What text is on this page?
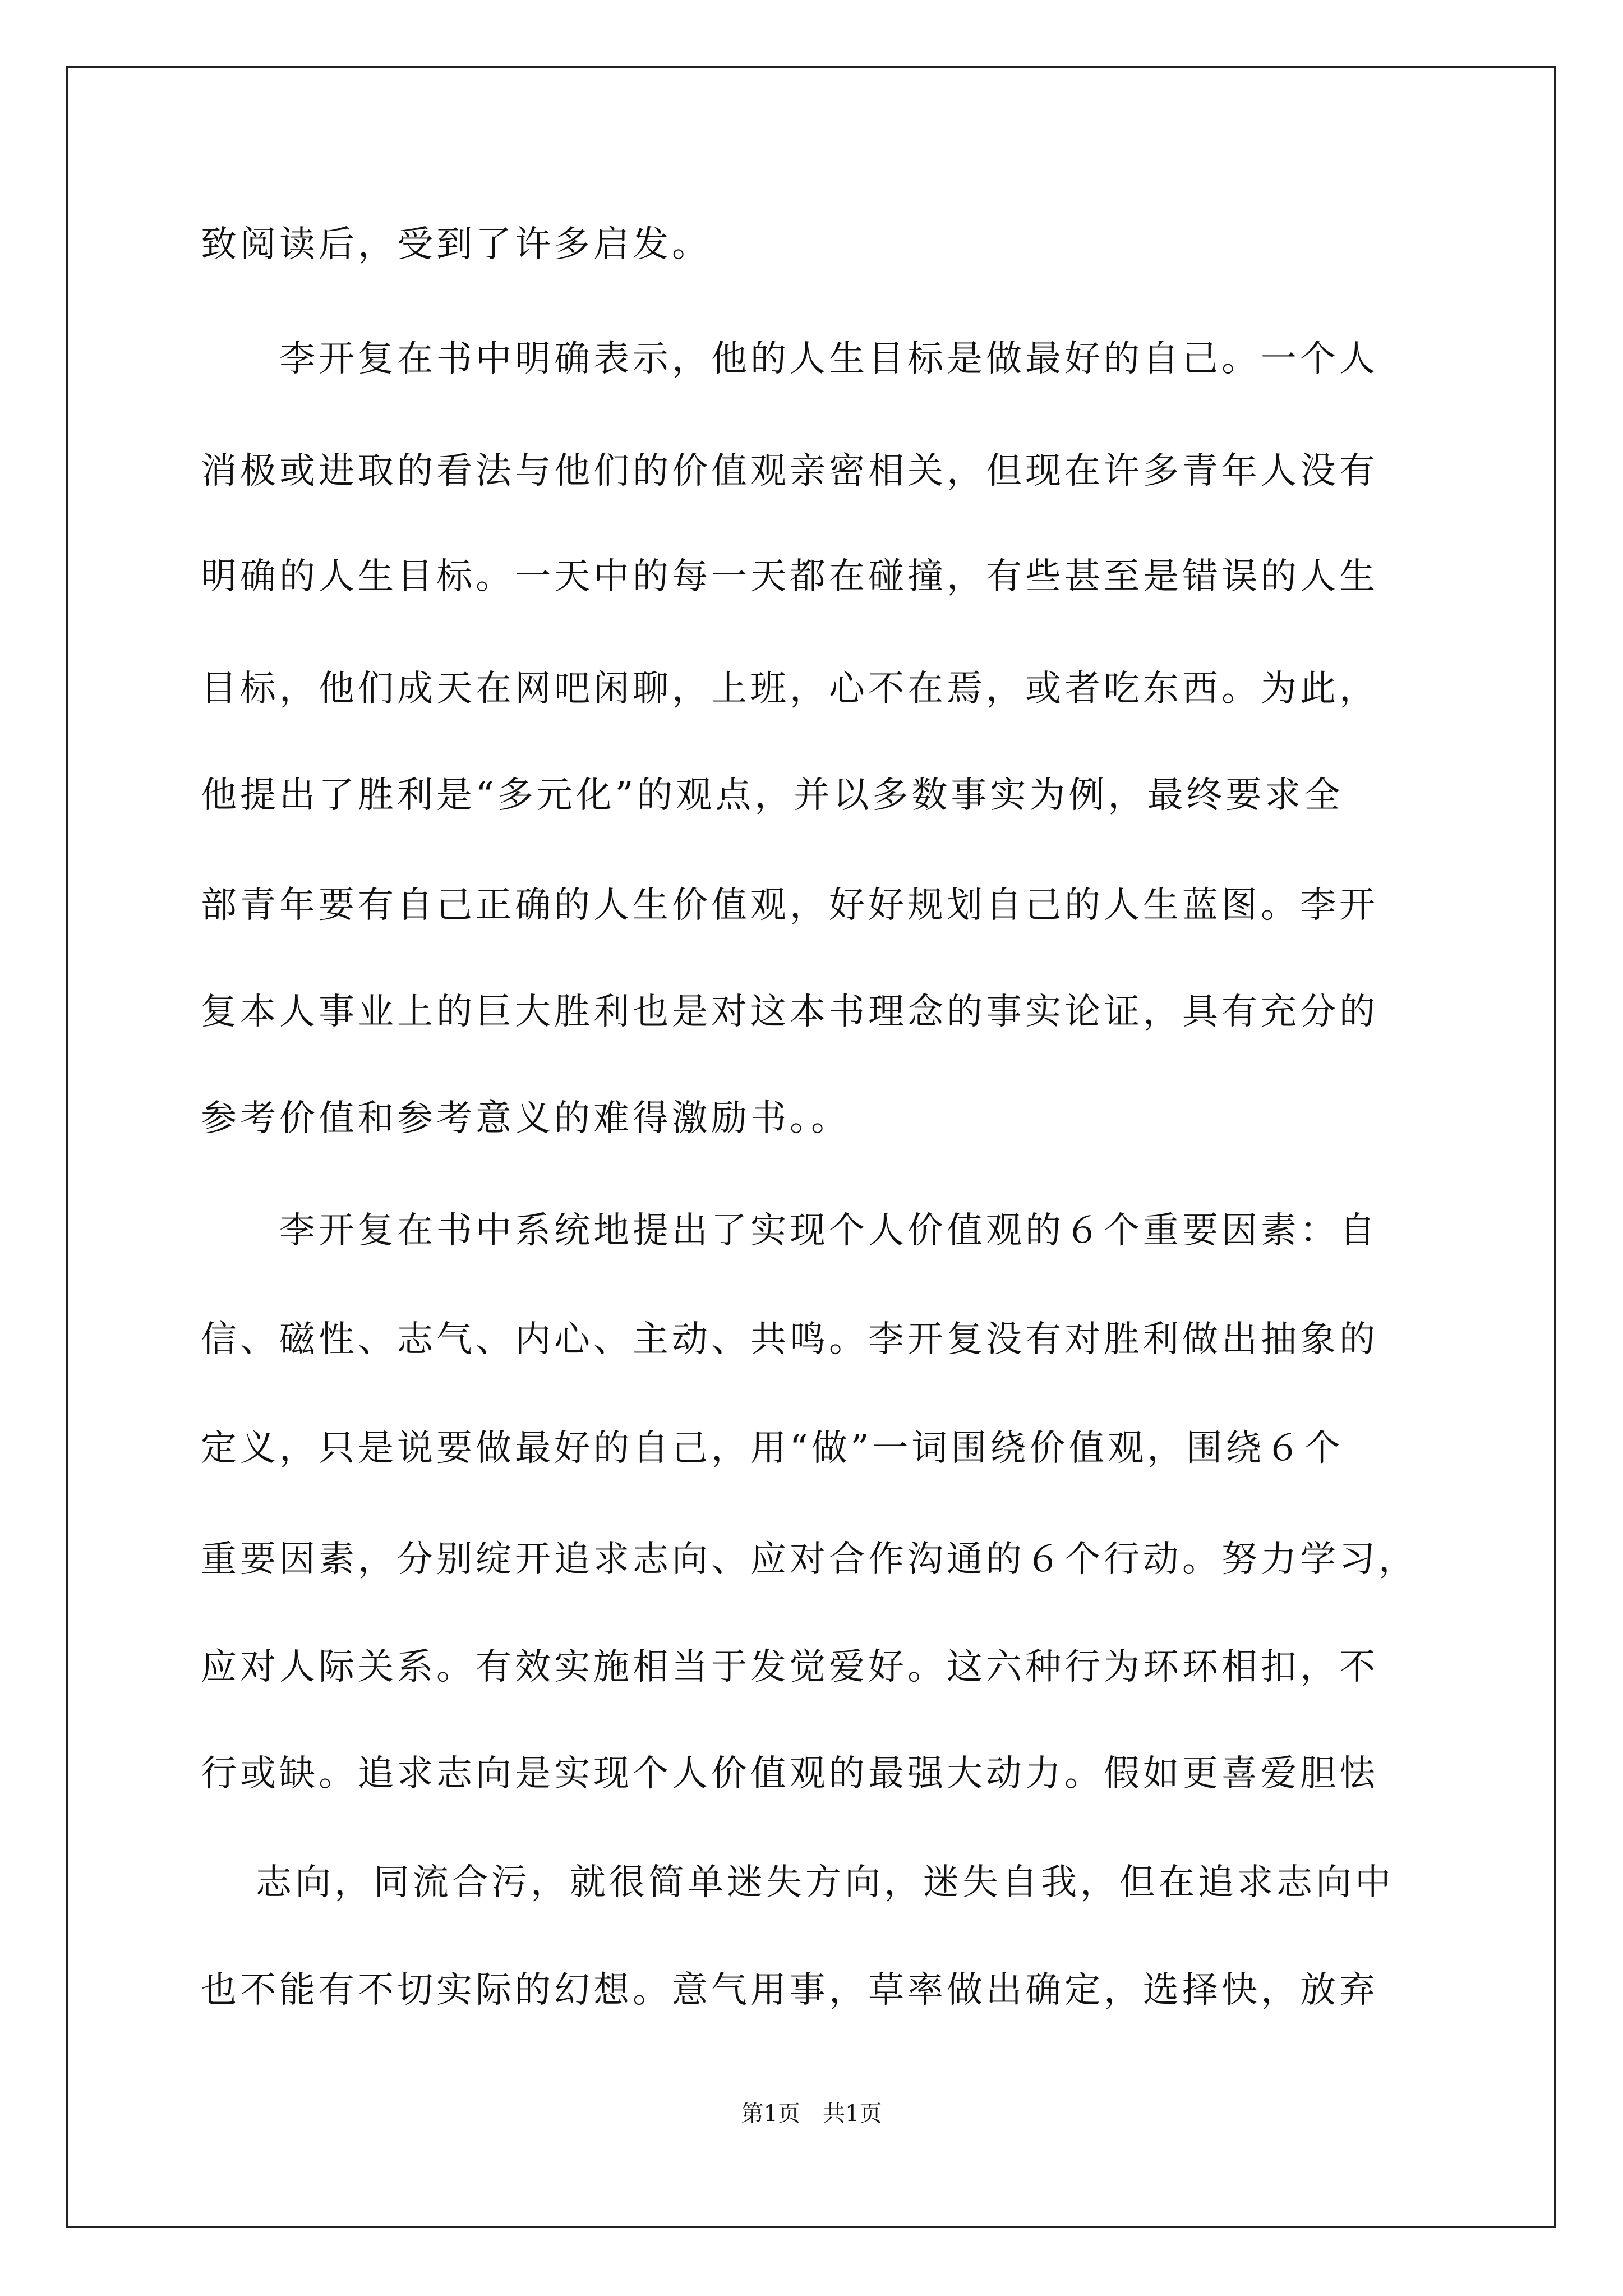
致阅读后，受到了许多启发。
李开复在书中明确表示，他的人生目标是做最好的自己。一个人
消极或进取的看法与他们的价值观亲密相关，但现在许多青年人没有
明确的人生目标。一天中的每一天都在碰撞，有些甚至是错误的人生
目标，他们成天在网吧闲聊，上班，心不在焉，或者吃东西。为此，
他提出了胜利是“多元化”的观点，并以多数事实为例，最终要求全
部青年要有自己正确的人生价值观，好好规划自己的人生蓝图。李开
复本人事业上的巨大胜利也是对这本书理念的事实论证，具有充分的
参考价值和参考意义的难得激励书。。
李开复在书中系统地提出了实现个人价值观的６个重要因素：自
信、磁性、志气、内心、主动、共鸣。李开复没有对胜利做出抽象的
定义，只是说要做最好的自己，用“做”一词围绕价值观，围绕６个
重要因素，分别绽开追求志向、应对合作沟通的６个行动。努力学习，
应对人际关系。有效实施相当于发觉爱好。这六种行为环环相扣，不
行或缺。追求志向是实现个人价值观的最强大动力。假如更喜爱胆怯
志向，同流合污，就很简单迷失方向，迷失自我，但在追求志向中
也不能有不切实际的幻想。意气用事，草率做出确定，选择快，放弃
第1页　共1页
